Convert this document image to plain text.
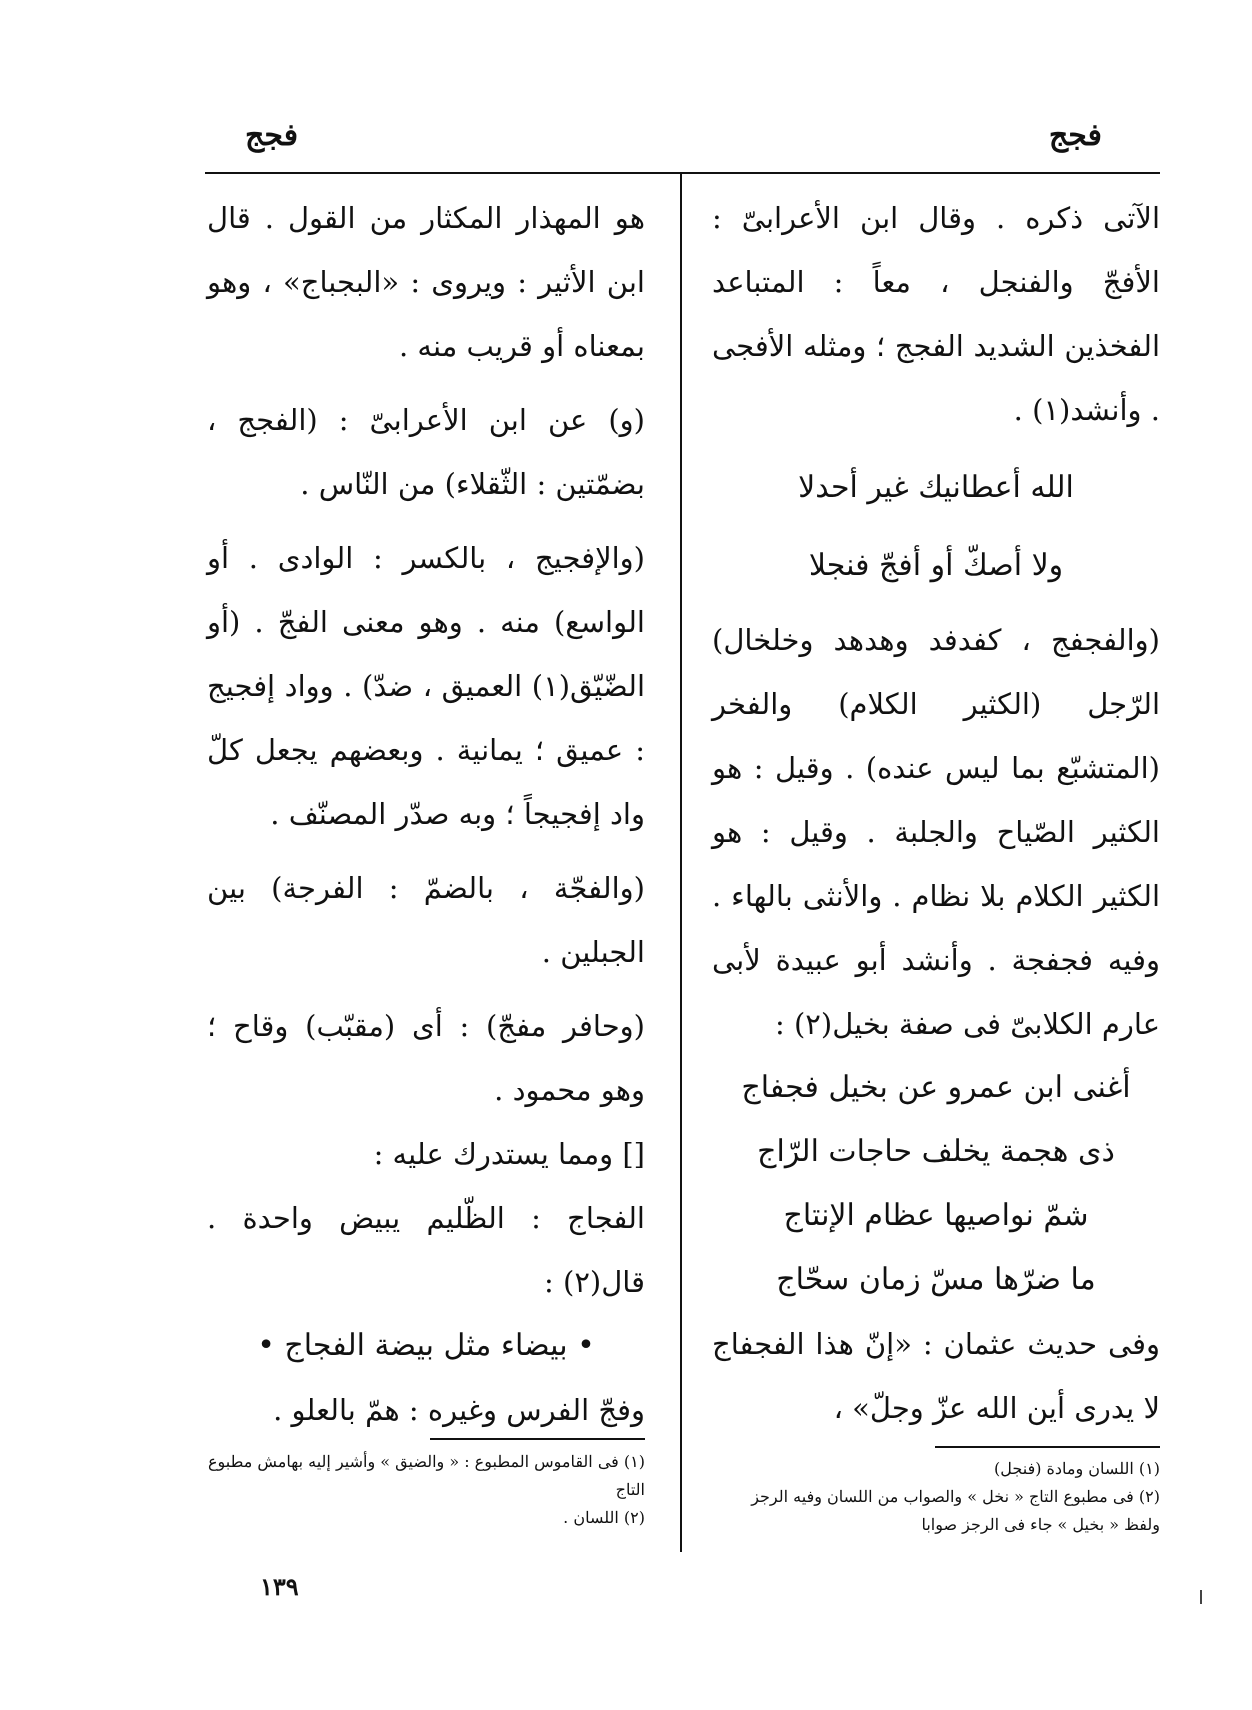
فجج
فجج

الآتى ذكره . وقال ابن الأعرابىّ : الأفجّ والفنجل ، معاً : المتباعد الفخذين الشديد الفجج ؛ ومثله الأفجى . وأنشد(١) .

الله أعطانيك غير أحدلا

ولا أصكّ أو أفجّ فنجلا

(والفجفج ، كفدفد وهدهد وخلخال) الرّجل (الكثير الكلام) والفخر (المتشبّع بما ليس عنده) . وقيل : هو الكثير الصّياح والجلبة . وقيل : هو الكثير الكلام بلا نظام . والأنثى بالهاء . وفيه فجفجة . وأنشد أبو عبيدة لأبى عارم الكلابىّ فى صفة بخيل(٢) :

أغنى ابن عمرو عن بخيل فجفاج

ذى هجمة يخلف حاجات الرّاج

شمّ نواصيها عظام الإنتاج

ما ضرّها مسّ زمان سحّاج

وفى حديث عثمان : «إنّ هذا الفجفاج لا يدرى أين الله عزّ وجلّ» ،

هو المهذار المكثار من القول . قال ابن الأثير : ويروى : «البجباج» ، وهو بمعناه أو قريب منه .

(و) عن ابن الأعرابىّ : (الفجج ، بضمّتين : الثّقلاء) من النّاس .

(والإفجيج ، بالكسر : الوادى . أو الواسع) منه . وهو معنى الفجّ . (أو الضّيّق(١) العميق ، ضدّ) . وواد إفجيج : عميق ؛ يمانية . وبعضهم يجعل كلّ واد إفجيجاً ؛ وبه صدّر المصنّف .

(والفجّة ، بالضمّ : الفرجة) بين الجبلين .

(وحافر مفجّ) : أى (مقبّب) وقاح ؛ وهو محمود .

[] ومما يستدرك عليه :

الفجاج : الظّليم يبيض واحدة . قال(٢) :

• بيضاء مثل بيضة الفجاج •

وفجّ الفرس وغيره : همّ بالعلو .

(١) اللسان ومادة (فنجل)

(٢) فى مطبوع التاج « نخل » والصواب من اللسان وفيه الرجز ولفظ « بخيل » جاء فى الرجز صوابا

(١) فى القاموس المطبوع : « والضيق » وأشير إليه بهامش مطبوع التاج

(٢) اللسان .

١٣٩
